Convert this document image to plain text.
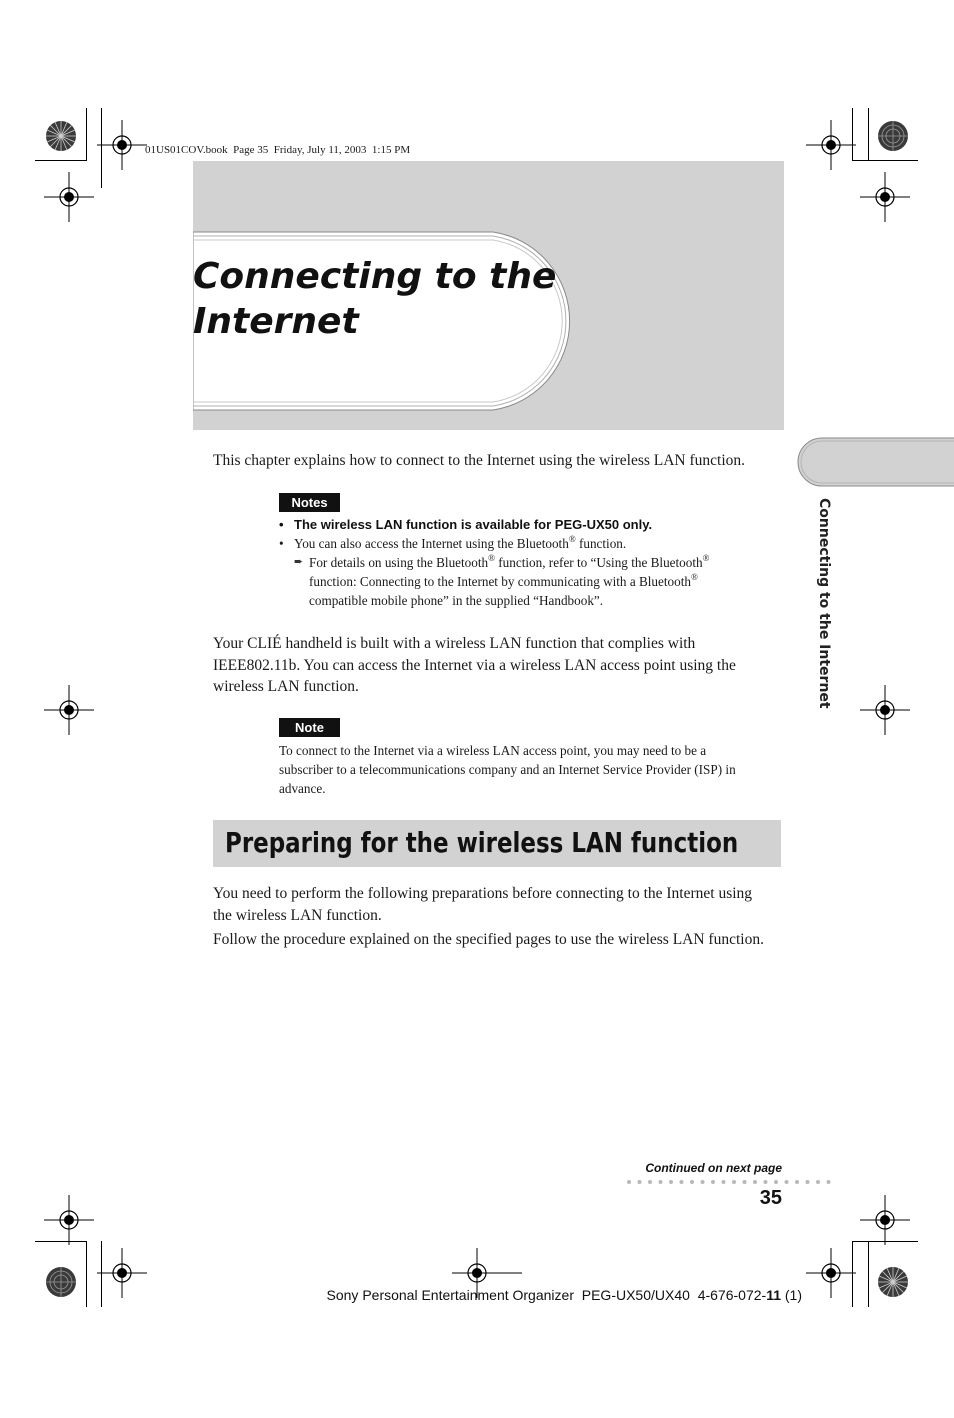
01US01COV.book  Page 35  Friday, July 11, 2003  1:15 PM
Connecting to the
Internet
Connecting to the Internet
This chapter explains how to connect to the Internet using the wireless LAN function.
Notes
• The wireless LAN function is available for PEG-UX50 only.
• You can also access the Internet using the Bluetooth® function.
➨ For details on using the Bluetooth® function, refer to “Using the Bluetooth®
function: Connecting to the Internet by communicating with a Bluetooth®
compatible mobile phone” in the supplied “Handbook”.
Your CLIÉ handheld is built with a wireless LAN function that complies with
IEEE802.11b. You can access the Internet via a wireless LAN access point using the
wireless LAN function.
Note
To connect to the Internet via a wireless LAN access point, you may need to be a
subscriber to a telecommunications company and an Internet Service Provider (ISP) in
advance.
Preparing for the wireless LAN function
You need to perform the following preparations before connecting to the Internet using
the wireless LAN function.
Follow the procedure explained on the specified pages to use the wireless LAN function.
Continued on next page
35
Sony Personal Entertainment Organizer  PEG-UX50/UX40  4-676-072-11 (1)
